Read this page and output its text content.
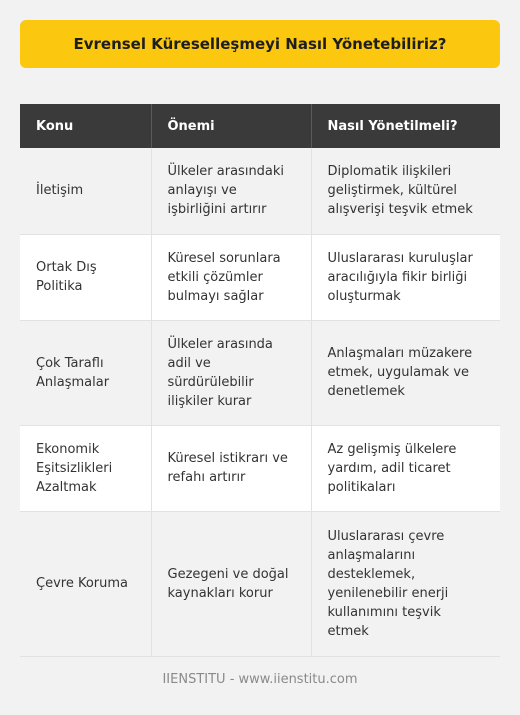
Evrensel Küreselleşmeyi Nasıl Yönetebiliriz?
Konu	Önemi	Nasıl Yönetilmeli?
İletişim	Ülkeler arasındaki anlayışı ve işbirliğini artırır	Diplomatik ilişkileri geliştirmek, kültürel alışverişi teşvik etmek
Ortak Dış Politika	Küresel sorunlara etkili çözümler bulmayı sağlar	Uluslararası kuruluşlar aracılığıyla fikir birliği oluşturmak
Çok Taraflı Anlaşmalar	Ülkeler arasında adil ve sürdürülebilir ilişkiler kurar	Anlaşmaları müzakere etmek, uygulamak ve denetlemek
Ekonomik Eşitsizlikleri Azaltmak	Küresel istikrarı ve refahı artırır	Az gelişmiş ülkelere yardım, adil ticaret politikaları
Çevre Koruma	Gezegeni ve doğal kaynakları korur	Uluslararası çevre anlaşmalarını desteklemek, yenilenebilir enerji kullanımını teşvik etmek
IIENSTITU - www.iienstitu.com
